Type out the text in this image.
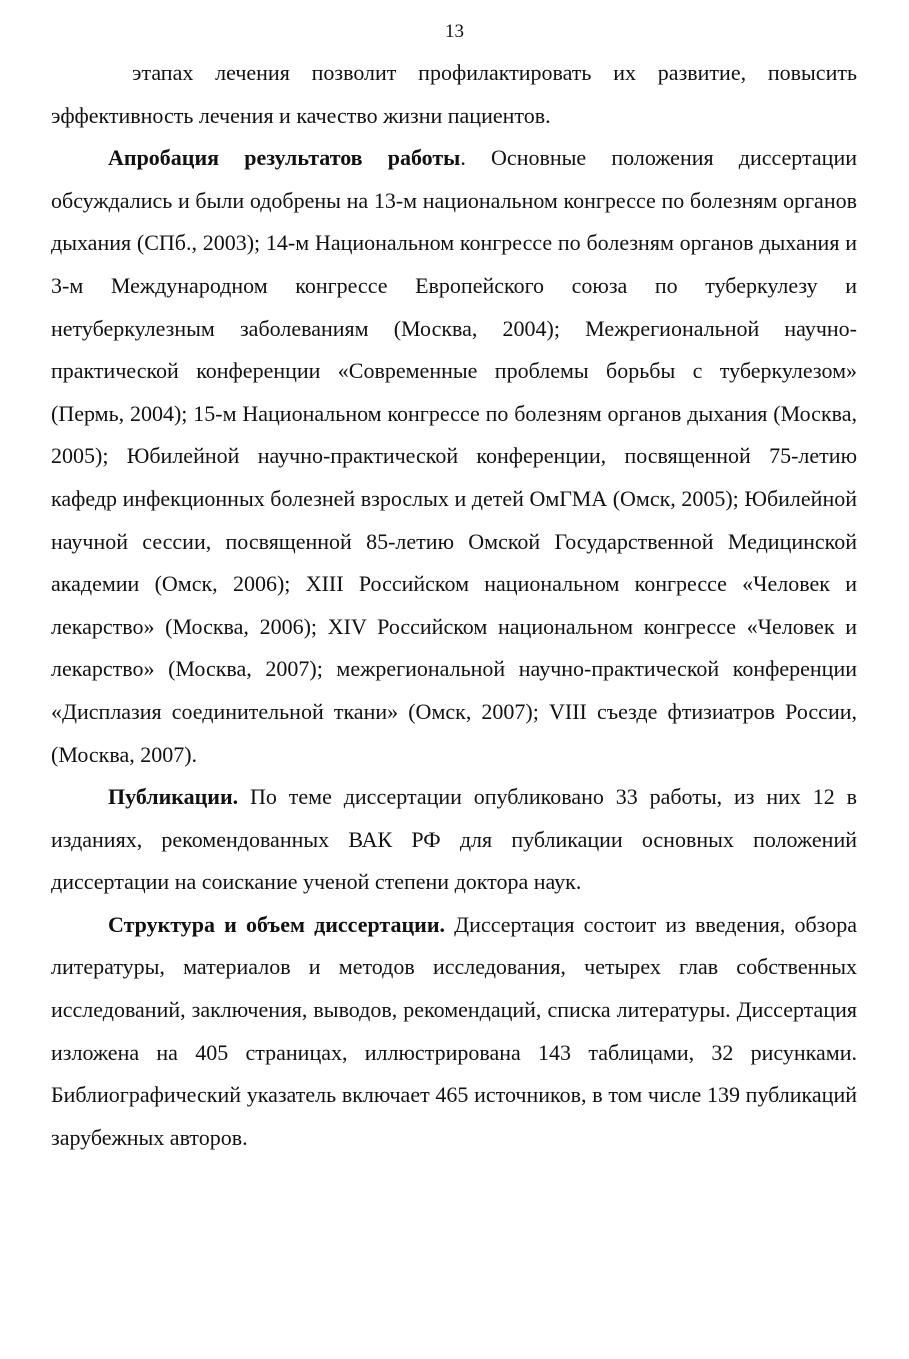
13

этапах лечения позволит профилактировать их развитие, повысить эффективность лечения и качество жизни пациентов.

Апробация результатов работы. Основные положения диссертации обсуждались и были одобрены на 13-м национальном конгрессе по болезням органов дыхания (СПб., 2003); 14-м Национальном конгрессе по болезням органов дыхания и 3-м Международном конгрессе Европейского союза по туберкулезу и нетуберкулезным заболеваниям (Москва, 2004); Межрегиональной научно-практической конференции «Современные проблемы борьбы с туберкулезом» (Пермь, 2004); 15-м Национальном конгрессе по болезням органов дыхания (Москва, 2005); Юбилейной научно-практической конференции, посвященной 75-летию кафедр инфекционных болезней взрослых и детей ОмГМА (Омск, 2005); Юбилейной научной сессии, посвященной 85-летию Омской Государственной Медицинской академии (Омск, 2006); XIII Российском национальном конгрессе «Человек и лекарство» (Москва, 2006); XIV Российском национальном конгрессе «Человек и лекарство» (Москва, 2007); межрегиональной научно-практической конференции «Дисплазия соединительной ткани» (Омск, 2007); VIII съезде фтизиатров России, (Москва, 2007).

Публикации. По теме диссертации опубликовано 33 работы, из них 12 в изданиях, рекомендованных ВАК РФ для публикации основных положений диссертации на соискание ученой степени доктора наук.

Структура и объем диссертации. Диссертация состоит из введения, обзора литературы, материалов и методов исследования, четырех глав собственных исследований, заключения, выводов, рекомендаций, списка литературы. Диссертация изложена на 405 страницах, иллюстрирована 143 таблицами, 32 рисунками. Библиографический указатель включает 465 источников, в том числе 139 публикаций зарубежных авторов.
